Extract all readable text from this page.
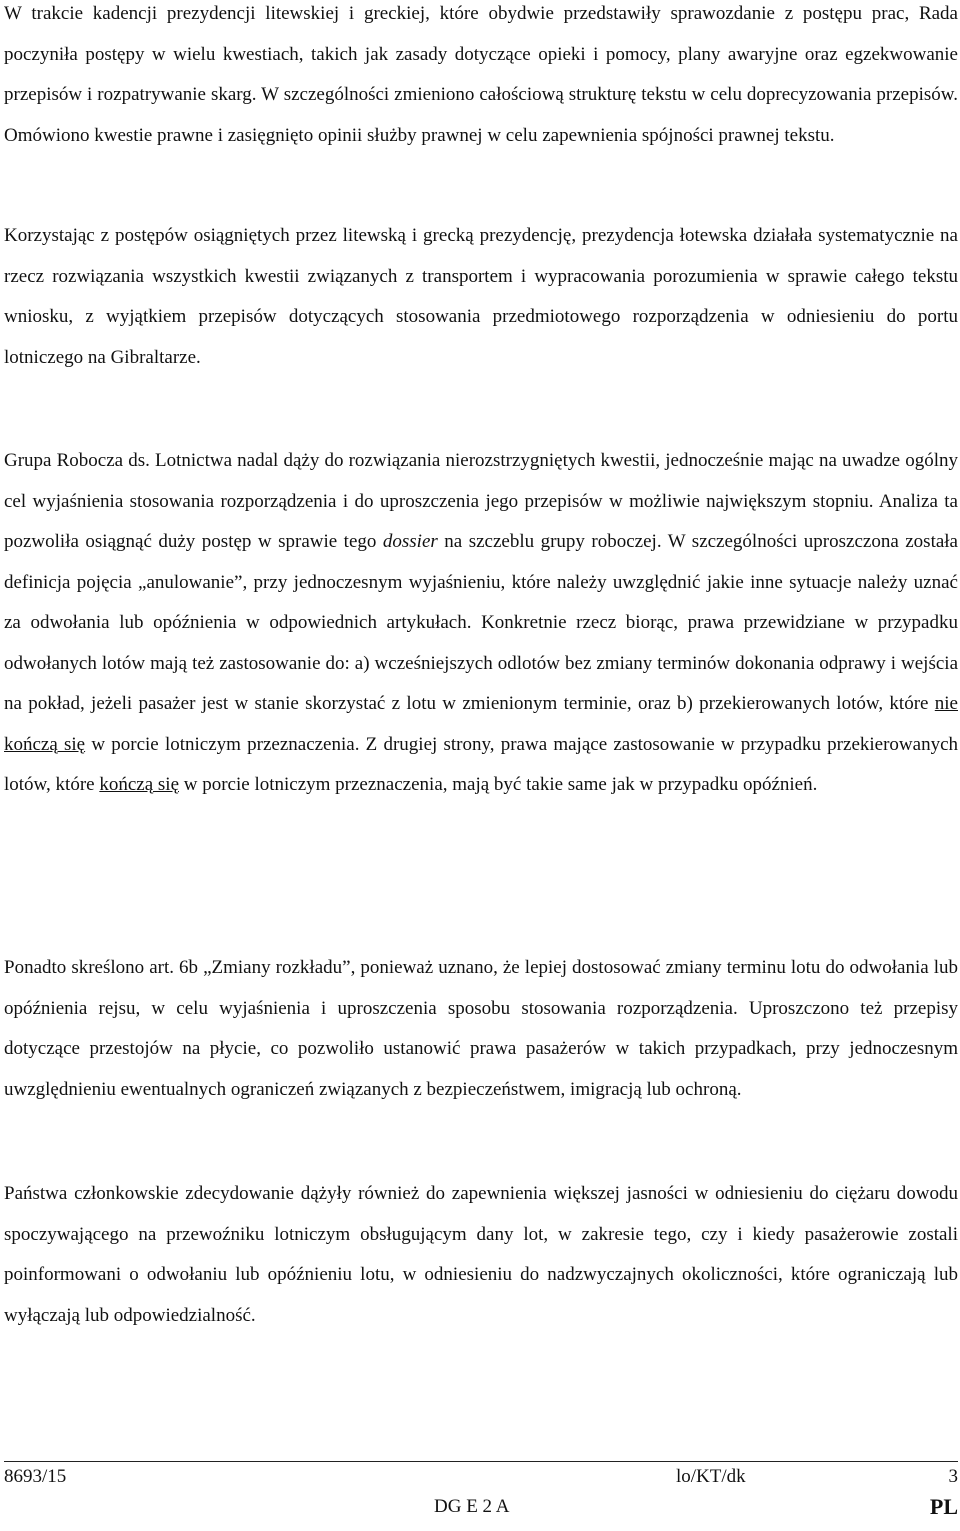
W trakcie kadencji prezydencji litewskiej i greckiej, które obydwie przedstawiły sprawozdanie z postępu prac, Rada poczyniła postępy w wielu kwestiach, takich jak zasady dotyczące opieki i pomocy, plany awaryjne oraz egzekwowanie przepisów i rozpatrywanie skarg. W szczególności zmieniono całościową strukturę tekstu w celu doprecyzowania przepisów. Omówiono kwestie prawne i zasięgnięto opinii służby prawnej w celu zapewnienia spójności prawnej tekstu.

Korzystając z postępów osiągniętych przez litewską i grecką prezydencję, prezydencja łotewska działała systematycznie na rzecz rozwiązania wszystkich kwestii związanych z transportem i wypracowania porozumienia w sprawie całego tekstu wniosku, z wyjątkiem przepisów dotyczących stosowania przedmiotowego rozporządzenia w odniesieniu do portu lotniczego na Gibraltarze.

Grupa Robocza ds. Lotnictwa nadal dąży do rozwiązania nierozstrzygniętych kwestii, jednocześnie mając na uwadze ogólny cel wyjaśnienia stosowania rozporządzenia i do uproszczenia jego przepisów w możliwie największym stopniu. Analiza ta pozwoliła osiągnąć duży postęp w sprawie tego dossier na szczeblu grupy roboczej. W szczególności uproszczona została definicja pojęcia „anulowanie”, przy jednoczesnym wyjaśnieniu, które należy uwzględnić jakie inne sytuacje należy uznać za odwołania lub opóźnienia w odpowiednich artykułach. Konkretnie rzecz biorąc, prawa przewidziane w przypadku odwołanych lotów mają też zastosowanie do: a) wcześniejszych odlotów bez zmiany terminów dokonania odprawy i wejścia na pokład, jeżeli pasażer jest w stanie skorzystać z lotu w zmienionym terminie, oraz b) przekierowanych lotów, które nie kończą się w porcie lotniczym przeznaczenia. Z drugiej strony, prawa mające zastosowanie w przypadku przekierowanych lotów, które kończą się w porcie lotniczym przeznaczenia, mają być takie same jak w przypadku opóźnień.

Ponadto skreślono art. 6b „Zmiany rozkładu”, ponieważ uznano, że lepiej dostosować zmiany terminu lotu do odwołania lub opóźnienia rejsu, w celu wyjaśnienia i uproszczenia sposobu stosowania rozporządzenia. Uproszczono też przepisy dotyczące przestojów na płycie, co pozwoliło ustanowić prawa pasażerów w takich przypadkach, przy jednoczesnym uwzględnieniu ewentualnych ograniczeń związanych z bezpieczeństwem, imigracją lub ochroną.

Państwa członkowskie zdecydowanie dążyły również do zapewnienia większej jasności w odniesieniu do ciężaru dowodu spoczywającego na przewoźniku lotniczym obsługującym dany lot, w zakresie tego, czy i kiedy pasażerowie zostali poinformowani o odwołaniu lub opóźnieniu lotu, w odniesieniu do nadzwyczajnych okoliczności, które ograniczają lub wyłączają lub odpowiedzialność.

8693/15	lo/KT/dk	3
DG E 2 A	PL
